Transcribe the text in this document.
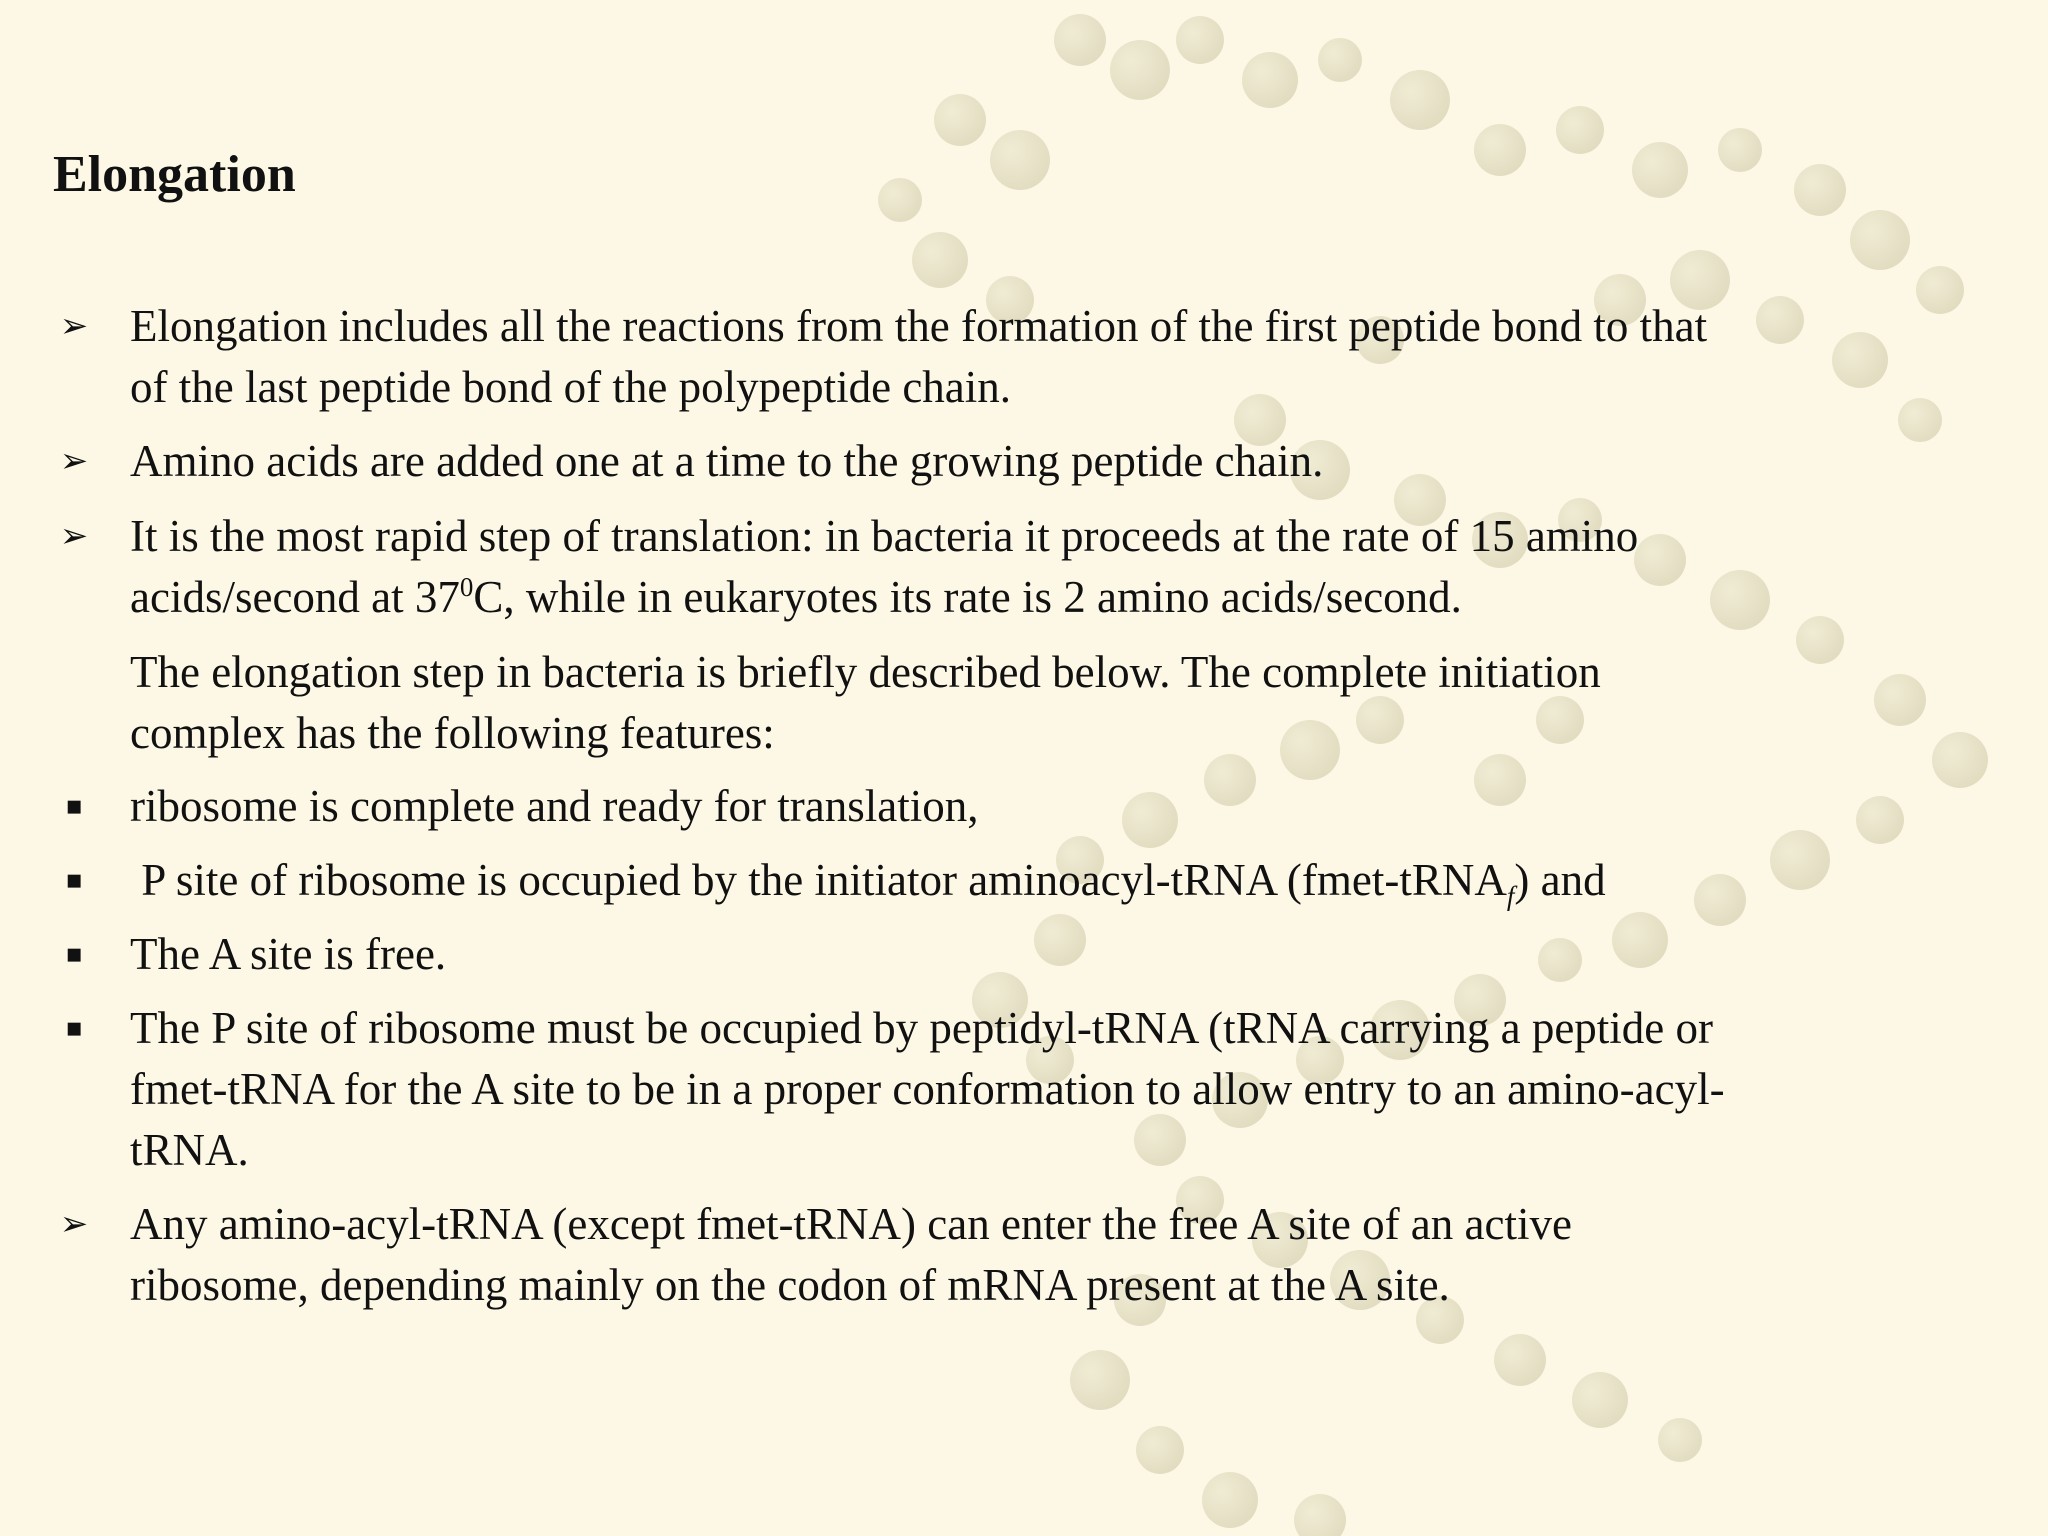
Elongation
➢ Elongation includes all the reactions from the formation of the first peptide bond to that
of the last peptide bond of the polypeptide chain.
➢ Amino acids are added one at a time to the growing peptide chain.
➢ It is the most rapid step of translation: in bacteria it proceeds at the rate of 15 amino
acids/second at $37^0C$, while in eukaryotes its rate is 2 amino acids/second.
The elongation step in bacteria is briefly described below. The complete initiation
complex has the following features:
▪ ribosome is complete and ready for translation,
▪ P site of ribosome is occupied by the initiator aminoacyl-tRNA (fmet-tRNA$_f$) and
▪ The A site is free.
▪ The P site of ribosome must be occupied by peptidyl-tRNA (tRNA carrying a peptide or
fmet-tRNA for the A site to be in a proper conformation to allow entry to an amino-acyl-
tRNA.
➢ Any amino-acyl-tRNA (except fmet-tRNA) can enter the free A site of an active
ribosome, depending mainly on the codon of mRNA present at the A site.
